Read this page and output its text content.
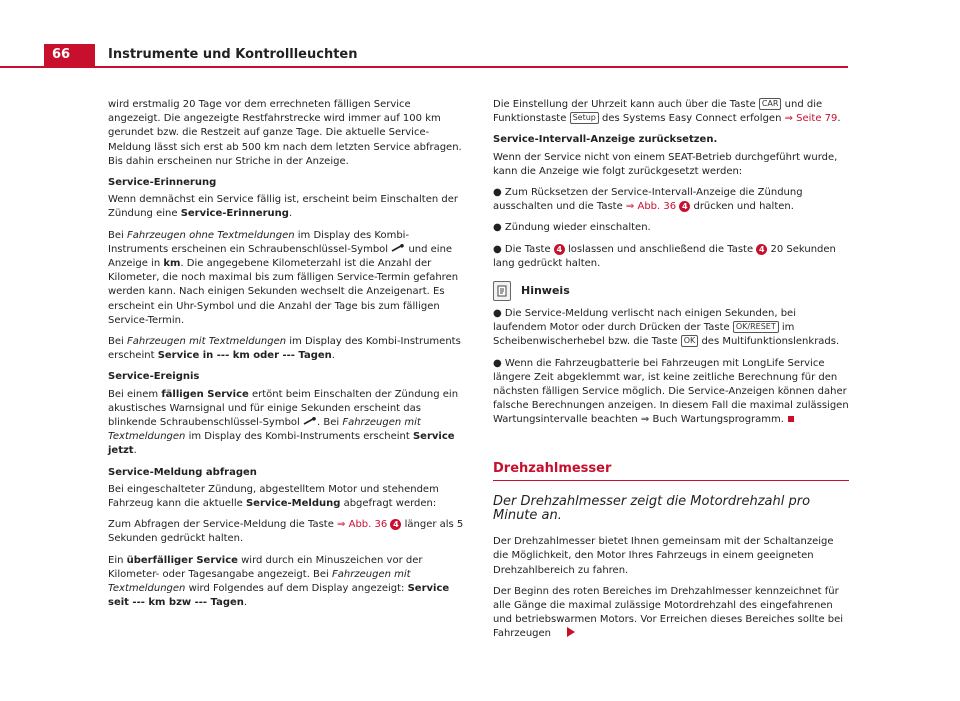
66	Instrumente und Kontrollleuchten

wird erstmalig 20 Tage vor dem errechneten fälligen Service angezeigt. Die angezeigte Restfahrstrecke wird immer auf 100 km gerundet bzw. die Restzeit auf ganze Tage. Die aktuelle Service-Meldung lässt sich erst ab 500 km nach dem letzten Service abfragen. Bis dahin erscheinen nur Striche in der Anzeige.

Service-Erinnerung

Wenn demnächst ein Service fällig ist, erscheint beim Einschalten der Zündung eine Service-Erinnerung.

Bei Fahrzeugen ohne Textmeldungen im Display des Kombi-Instruments erscheinen ein Schraubenschlüssel-Symbol  und eine Anzeige in km. Die angegebene Kilometerzahl ist die Anzahl der Kilometer, die noch maximal bis zum fälligen Service-Termin gefahren werden kann. Nach einigen Sekunden wechselt die Anzeigenart. Es erscheint ein Uhr-Symbol und die Anzahl der Tage bis zum fälligen Service-Termin.

Bei Fahrzeugen mit Textmeldungen im Display des Kombi-Instruments erscheint Service in --- km oder --- Tagen.

Service-Ereignis

Bei einem fälligen Service ertönt beim Einschalten der Zündung ein akustisches Warnsignal und für einige Sekunden erscheint das blinkende Schraubenschlüssel-Symbol . Bei Fahrzeugen mit Textmeldungen im Display des Kombi-Instruments erscheint Service jetzt.

Service-Meldung abfragen

Bei eingeschalteter Zündung, abgestelltem Motor und stehendem Fahrzeug kann die aktuelle Service-Meldung abgefragt werden:

Zum Abfragen der Service-Meldung die Taste ⇒ Abb. 36 4 länger als 5 Sekunden gedrückt halten.

Ein überfälliger Service wird durch ein Minuszeichen vor der Kilometer- oder Tagesangabe angezeigt. Bei Fahrzeugen mit Textmeldungen wird Folgendes auf dem Display angezeigt: Service seit --- km bzw --- Tagen.

Die Einstellung der Uhrzeit kann auch über die Taste CAR und die Funktionstaste Setup des Systems Easy Connect erfolgen ⇒ Seite 79.

Service-Intervall-Anzeige zurücksetzen.

Wenn der Service nicht von einem SEAT-Betrieb durchgeführt wurde, kann die Anzeige wie folgt zurückgesetzt werden:

● Zum Rücksetzen der Service-Intervall-Anzeige die Zündung ausschalten und die Taste ⇒ Abb. 36 4 drücken und halten.

● Zündung wieder einschalten.

● Die Taste 4 loslassen und anschließend die Taste 4 20 Sekunden lang gedrückt halten.

Hinweis

● Die Service-Meldung verlischt nach einigen Sekunden, bei laufendem Motor oder durch Drücken der Taste OK/RESET im Scheibenwischerhebel bzw. die Taste OK des Multifunktionslenkrads.

● Wenn die Fahrzeugbatterie bei Fahrzeugen mit LongLife Service längere Zeit abgeklemmt war, ist keine zeitliche Berechnung für den nächsten fälligen Service möglich. Die Service-Anzeigen können daher falsche Berechnungen anzeigen. In diesem Fall die maximal zulässigen Wartungsintervalle beachten ⇒ Buch Wartungsprogramm.

Drehzahlmesser
Der Drehzahlmesser zeigt die Motordrehzahl pro Minute an.

Der Drehzahlmesser bietet Ihnen gemeinsam mit der Schaltanzeige die Möglichkeit, den Motor Ihres Fahrzeugs in einem geeigneten Drehzahlbereich zu fahren.

Der Beginn des roten Bereiches im Drehzahlmesser kennzeichnet für alle Gänge die maximal zulässige Motordrehzahl des eingefahrenen und betriebswarmen Motors. Vor Erreichen dieses Bereiches sollte bei Fahrzeugen
